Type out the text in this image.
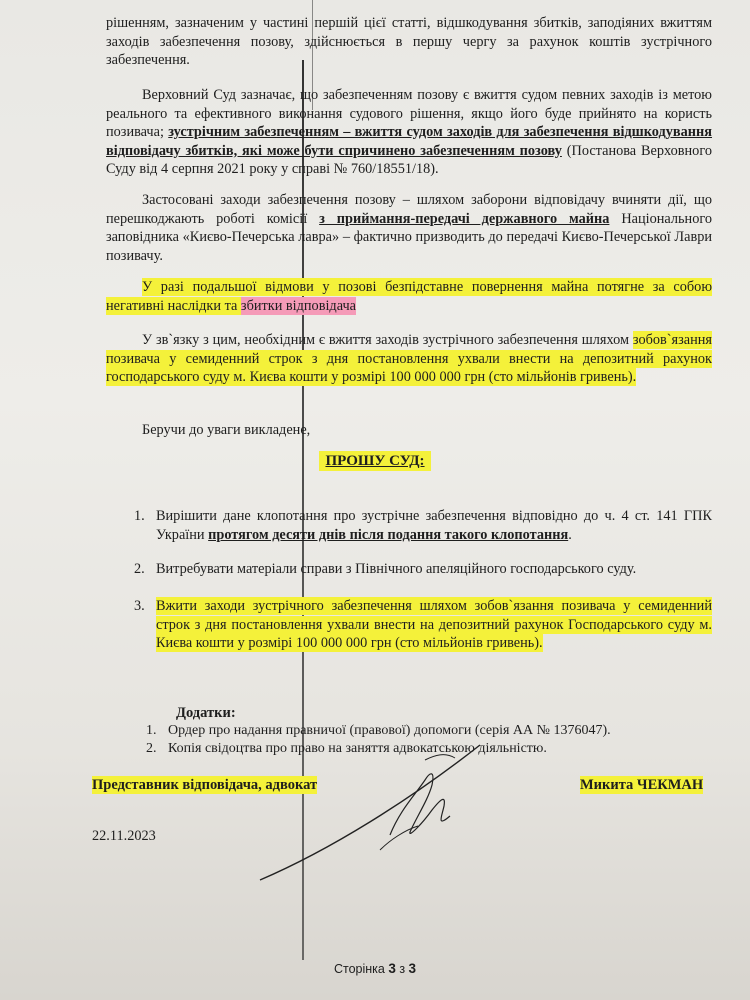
рішенням, зазначеним у частині першій цієї статті, відшкодування збитків, заподіяних вжиттям заходів забезпечення позову, здійснюється в першу чергу за рахунок коштів зустрічного забезпечення.

Верховний Суд зазначає, що забезпеченням позову є вжиття судом певних заходів із метою реального та ефективного виконання судового рішення, якщо його буде прийнято на користь позивача; зустрічним забезпеченням – вжиття судом заходів для забезпечення відшкодування відповідачу збитків, які може бути спричинено забезпеченням позову (Постанова Верховного Суду від 4 серпня 2021 року у справі № 760/18551/18).

Застосовані заходи забезпечення позову – шляхом заборони відповідачу вчиняти дії, що перешкоджають роботі комісії з приймання-передачі державного майна Національного заповідника «Києво-Печерська лавра» – фактично призводить до передачі Києво-Печерської Лаври позивачу.

У разі подальшої відмови у позові безпідставне повернення майна потягне за собою негативні наслідки та збитки відповідача

У зв`язку з цим, необхідним є вжиття заходів зустрічного забезпечення шляхом зобов`язання позивача у семиденний строк з дня постановлення ухвали внести на депозитний рахунок господарського суду м. Києва кошти у розмірі 100 000 000 грн (сто мільйонів гривень).

Беручи до уваги викладене,

ПРОШУ СУД:
1. Вирішити дане клопотання про зустрічне забезпечення відповідно до ч. 4 ст. 141 ГПК України протягом десяти днів після подання такого клопотання.
2. Витребувати матеріали справи з Північного апеляційного господарського суду.
3. Вжити заходи зустрічного забезпечення шляхом зобов`язання позивача у семиденний строк з дня постановлення ухвали внести на депозитний рахунок Господарського суду м. Києва кошти у розмірі 100 000 000 грн (сто мільйонів гривень).
Додатки:
1. Ордер про надання правничої (правової) допомоги (серія АА № 1376047).
2. Копія свідоцтва про право на заняття адвокатською діяльністю.
Представник відповідача, адвокат	Микита ЧЕКМАН
22.11.2023
Сторінка 3 з 3
